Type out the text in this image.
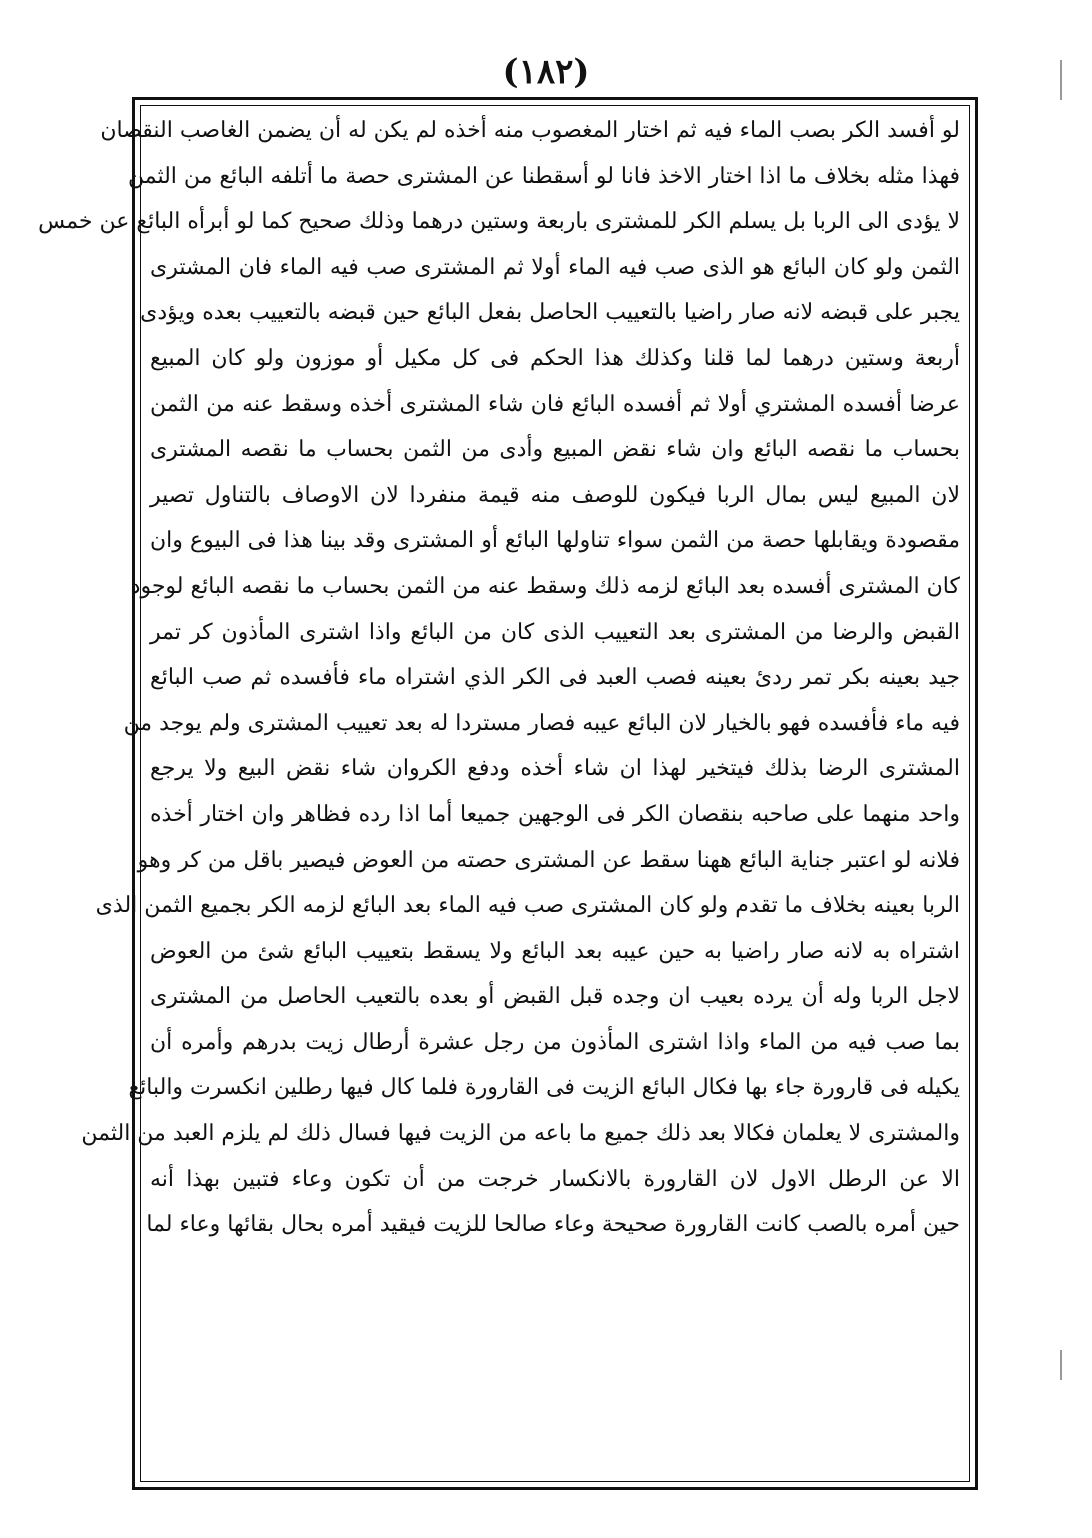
(١٨٢)
لو أفسد الكر بصب الماء فيه ثم اختار المغصوب منه أخذه لم يكن له أن يضمن الغاصب النقصان
فهذا مثله بخلاف ما اذا اختار الاخذ فانا لو أسقطنا عن المشترى حصة ما أتلفه البائع من الثمن
لا يؤدى الى الربا بل يسلم الكر للمشترى باربعة وستين درهما وذلك صحيح كما لو أبرأه البائع عن خمس
الثمن ولو كان البائع هو الذى صب فيه الماء أولا ثم المشترى صب فيه الماء فان المشترى
يجبر على قبضه لانه صار راضيا بالتعييب الحاصل بفعل البائع حين قبضه بالتعييب بعده ويؤدى
أربعة وستين درهما لما قلنا وكذلك هذا الحكم فى كل مكيل أو موزون ولو كان المبيع
عرضا أفسده المشتري أولا ثم أفسده البائع فان شاء المشترى أخذه وسقط عنه من الثمن
بحساب ما نقصه البائع وان شاء نقض المبيع وأدى من الثمن بحساب ما نقصه المشترى
لان المبيع ليس بمال الربا فيكون للوصف منه قيمة منفردا لان الاوصاف بالتناول تصير
مقصودة ويقابلها حصة من الثمن سواء تناولها البائع أو المشترى وقد بينا هذا فى البيوع وان
كان المشترى أفسده بعد البائع لزمه ذلك وسقط عنه من الثمن بحساب ما نقصه البائع لوجود
القبض والرضا من المشترى بعد التعييب الذى كان من البائع واذا اشترى المأذون كر تمر
جيد بعينه بكر تمر ردئ بعينه فصب العبد فى الكر الذي اشتراه ماء فأفسده ثم صب البائع
فيه ماء فأفسده فهو بالخيار لان البائع عيبه فصار مستردا له بعد تعييب المشترى ولم يوجد من
المشترى الرضا بذلك فيتخير لهذا ان شاء أخذه ودفع الكروان شاء نقض البيع ولا يرجع
واحد منهما على صاحبه بنقصان الكر فى الوجهين جميعا أما اذا رده فظاهر وان اختار أخذه
فلانه لو اعتبر جناية البائع ههنا سقط عن المشترى حصته من العوض فيصير باقل من كر وهو
الربا بعينه بخلاف ما تقدم ولو كان المشترى صب فيه الماء بعد البائع لزمه الكر بجميع الثمن الذى
اشتراه به لانه صار راضيا به حين عيبه بعد البائع ولا يسقط بتعييب البائع شئ من العوض
لاجل الربا وله أن يرده بعيب ان وجده قبل القبض أو بعده بالتعيب الحاصل من المشترى
بما صب فيه من الماء واذا اشترى المأذون من رجل عشرة أرطال زيت بدرهم وأمره أن
يكيله فى قارورة جاء بها فكال البائع الزيت فى القارورة فلما كال فيها رطلين انكسرت والبائع
والمشترى لا يعلمان فكالا بعد ذلك جميع ما باعه من الزيت فيها فسال ذلك لم يلزم العبد من الثمن
الا عن الرطل الاول لان القارورة بالانكسار خرجت من أن تكون وعاء فتبين بهذا أنه
حين أمره بالصب كانت القارورة صحيحة وعاء صالحا للزيت فيقيد أمره بحال بقائها وعاء لما
